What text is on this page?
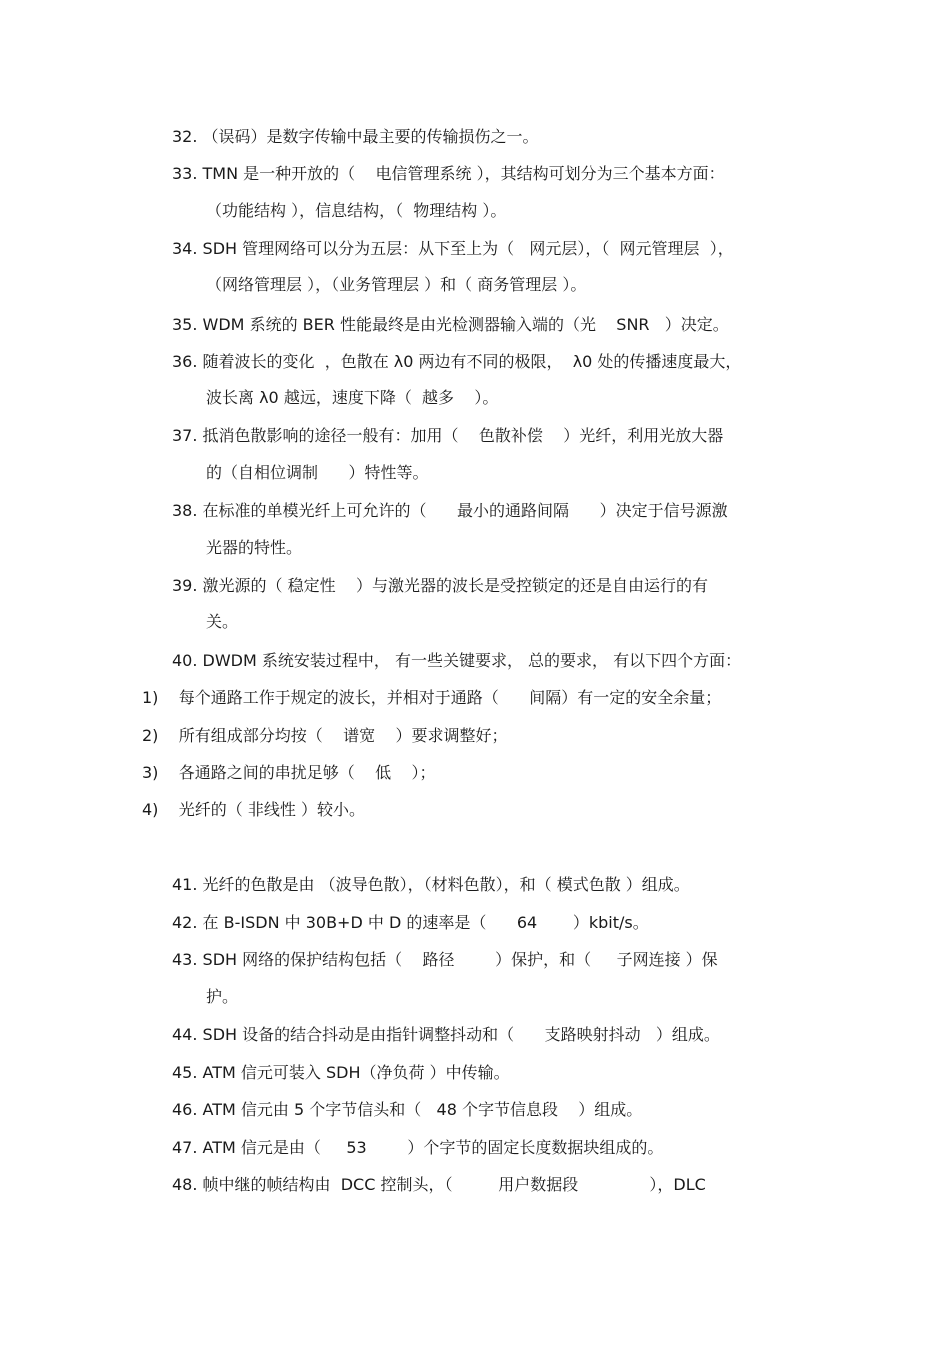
32. （误码）是数字传输中最主要的传输损伤之一。
33. TMN 是一种开放的（    电信管理系统 ），其结构可划分为三个基本方面：
（功能结构 ），信息结构，（  物理结构 ）。
34. SDH 管理网络可以分为五层：从下至上为（   网元层），（  网元管理层  ），
（网络管理层 ），（业务管理层 ）和（ 商务管理层 ）。
35. WDM 系统的 BER 性能最终是由光检测器输入端的（光    SNR   ）决定。
36. 随着波长的变化  ，色散在 λ0 两边有不同的极限，  λ0 处的传播速度最大，
波长离 λ0 越远，速度下降（  越多    ）。
37. 抵消色散影响的途径一般有：加用（    色散补偿    ）光纤，利用光放大器
的（自相位调制      ）特性等。
38. 在标准的单模光纤上可允许的（      最小的通路间隔      ）决定于信号源激
光器的特性。
39. 激光源的（ 稳定性    ）与激光器的波长是受控锁定的还是自由运行的有
关。
40. DWDM 系统安装过程中， 有一些关键要求， 总的要求， 有以下四个方面：
1)    每个通路工作于规定的波长，并相对于通路（      间隔）有一定的安全余量；
2)    所有组成部分均按（    谱宽    ）要求调整好；
3)    各通路之间的串扰足够（    低    ）；
4)    光纤的（ 非线性 ）较小。
41. 光纤的色散是由 （波导色散），（材料色散），和（ 模式色散 ）组成。
42. 在 B-ISDN 中 30B+D 中 D 的速率是（      64       ）kbit/s。
43. SDH 网络的保护结构包括（    路径        ）保护，和（     子网连接 ）保
护。
44. SDH 设备的结合抖动是由指针调整抖动和（      支路映射抖动   ）组成。
45. ATM 信元可装入 SDH（净负荷 ）中传输。
46. ATM 信元由 5 个字节信头和（   48 个字节信息段    ）组成。
47. ATM 信元是由（     53        ）个字节的固定长度数据块组成的。
48. 帧中继的帧结构由  DCC 控制头，（         用户数据段              ），DLC
